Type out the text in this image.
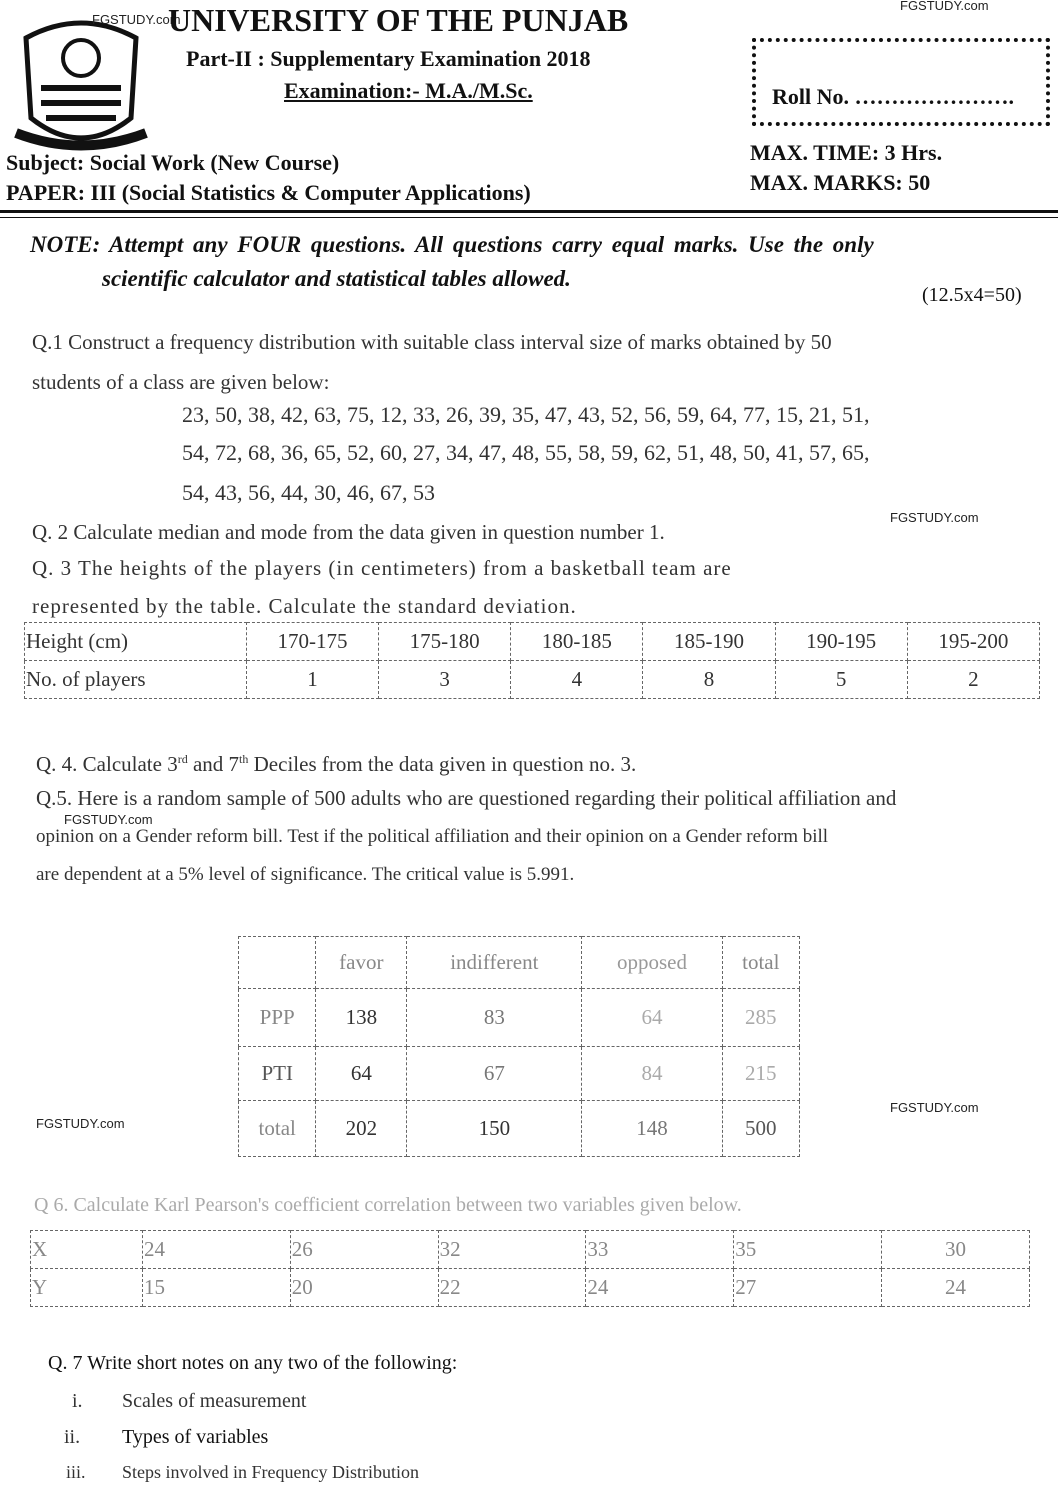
FGSTUDY.com
FGSTUDY.com
UNIVERSITY OF THE PUNJAB
Part-II : Supplementary Examination 2018
Examination:- M.A./M.Sc.	Roll No. ………………….
Subject: Social Work (New Course)
PAPER: III (Social Statistics & Computer Applications)
MAX. TIME: 3 Hrs.
MAX. MARKS: 50
NOTE: Attempt any FOUR questions. All questions carry equal marks. Use the only
scientific calculator and statistical tables allowed.
(12.5x4=50)
Q.1 Construct a frequency distribution with suitable class interval size of marks obtained by 50
students of a class are given below:
23, 50, 38, 42, 63, 75, 12, 33, 26, 39, 35, 47, 43, 52, 56, 59, 64, 77, 15, 21, 51,
54, 72, 68, 36, 65, 52, 60, 27, 34, 47, 48, 55, 58, 59, 62, 51, 48, 50, 41, 57, 65,
54, 43, 56, 44, 30, 46, 67, 53
FGSTUDY.com
Q. 2 Calculate median and mode from the data given in question number 1.
Q. 3 The heights of the players (in centimeters) from a basketball team are
represented by the table. Calculate the standard deviation.
Height (cm)	170-175	175-180	180-185	185-190	190-195	195-200
No. of players	1	3	4	8	5	2
Q. 4. Calculate 3rd and 7th Deciles from the data given in question no. 3.
Q.5. Here is a random sample of 500 adults who are questioned regarding their political affiliation and
FGSTUDY.com
opinion on a Gender reform bill. Test if the political affiliation and their opinion on a Gender reform bill
are dependent at a 5% level of significance. The critical value is 5.991.
	favor	indifferent	opposed	total
PPP	138	83	64	285
PTI	64	67	84	215
total	202	150	148	500
FGSTUDY.com
FGSTUDY.com
Q 6. Calculate Karl Pearson's coefficient correlation between two variables given below.
X	24	26	32	33	35	30
Y	15	20	22	24	27	24
Q. 7 Write short notes on any two of the following:
i. Scales of measurement
ii. Types of variables
iii. Steps involved in Frequency Distribution
